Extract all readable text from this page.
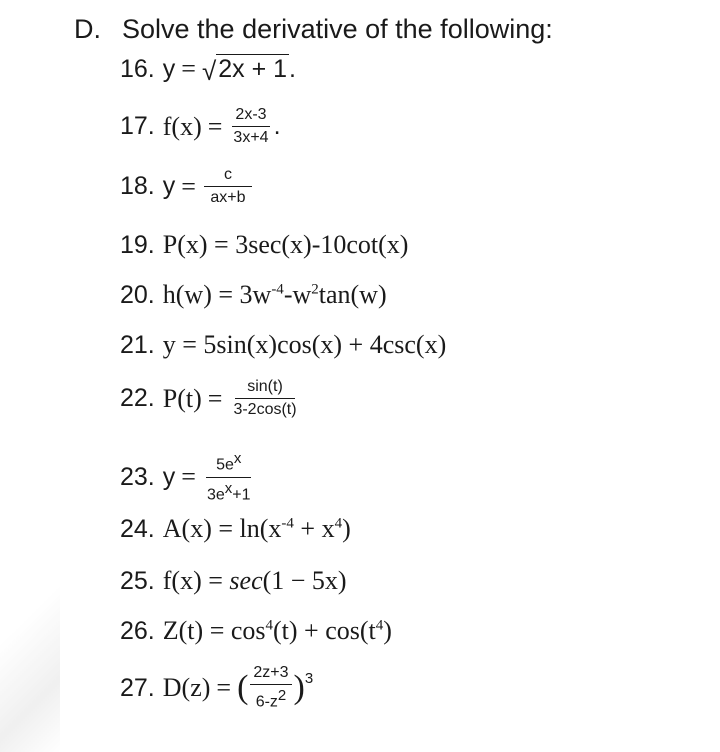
D. Solve the derivative of the following:
16. y = √ 2x + 1 .
17. $f(x) = \frac{2x-3}{3x+4}$ .
18. $y = \frac{c}{ax+b}$
19. P(x) = 3sec(x)-10cot(x)
20. $h(w) = 3w^{-4}-w^2\tan(w)$
21. y = 5sin(x)cos(x) + 4csc(x)
22. $P(t) = \frac{\sin(t)}{3-2\cos(t)}$
23. $y = \frac{5e^x}{3e^x+1}$
24. $A(x) = \ln(x^{-4} + x^4)$
25. f(x) = sec(1 − 5x)
26. $Z(t) = \cos^4(t) + \cos(t^4)$
27. D(z) = ( $\frac{2z+3}{6-z^2} )^3$
